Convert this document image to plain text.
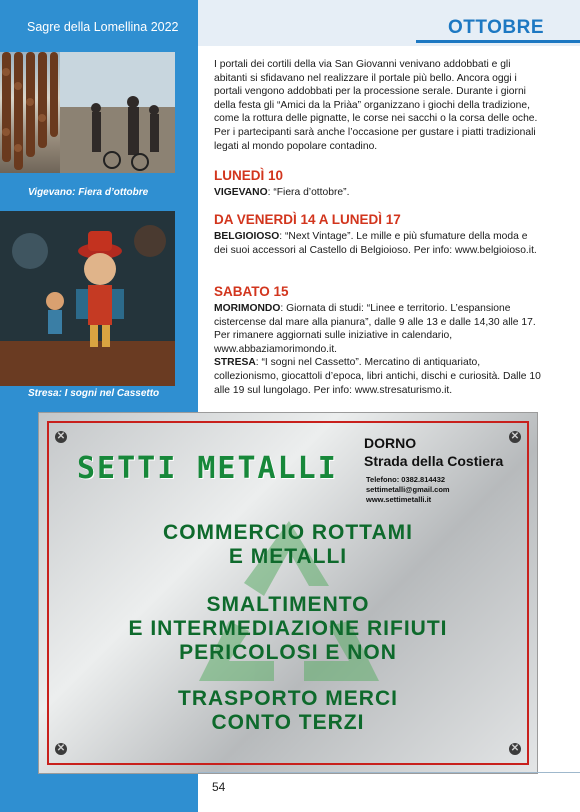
Sagre della Lomellina 2022	OTTOBRE
Vigevano: Fiera d’ottobre
Stresa: I sogni nel Cassetto

I portali dei cortili della via San Giovanni venivano addobbati e gli abitanti si sfidavano nel realizzare il portale più bello. Ancora oggi i portali vengono addobbati per la processione serale. Durante i giorni della festa gli “Amici da la Priàa” organizzano i giochi della tradizione, come la rottura delle pignatte, le corse nei sacchi o la corsa delle oche. Per i partecipanti sarà anche l’occasione per gustare i piatti tradizionali legati al mondo popolare contadino.

LUNEDÌ 10

VIGEVANO: “Fiera d’ottobre”.

DA VENERDÌ 14 A LUNEDÌ 17

BELGIOIOSO: “Next Vintage”. Le mille e più sfumature della moda e dei suoi accessori al Castello di Belgioioso. Per info: www.belgioioso.it.

SABATO 15

MORIMONDO: Giornata di studi: “Linee e territorio. L’espansione cistercense dal mare alla pianura”, dalle 9 alle 13 e dalle 14,30 alle 17. Per rimanere aggiornati sulle iniziative in calendario, www.abbaziamorimondo.it.

STRESA: “I sogni nel Cassetto”. Mercatino di antiquariato, collezionismo, giocattoli d’epoca, libri antichi, dischi e curiosità. Dalle 10 alle 19 sul lungolago. Per info: www.stresaturismo.it.

✕	✕
✕	✕
SETTI METALLI
DORNO
Strada della Costiera
Telefono: 0382.814432
settimetalli@gmail.com
www.settimetalli.it
COMMERCIO ROTTAMI
E METALLI
SMALTIMENTO
E INTERMEDIAZIONE RIFIUTI
PERICOLOSI E NON
TRASPORTO MERCI
CONTO TERZI
54
